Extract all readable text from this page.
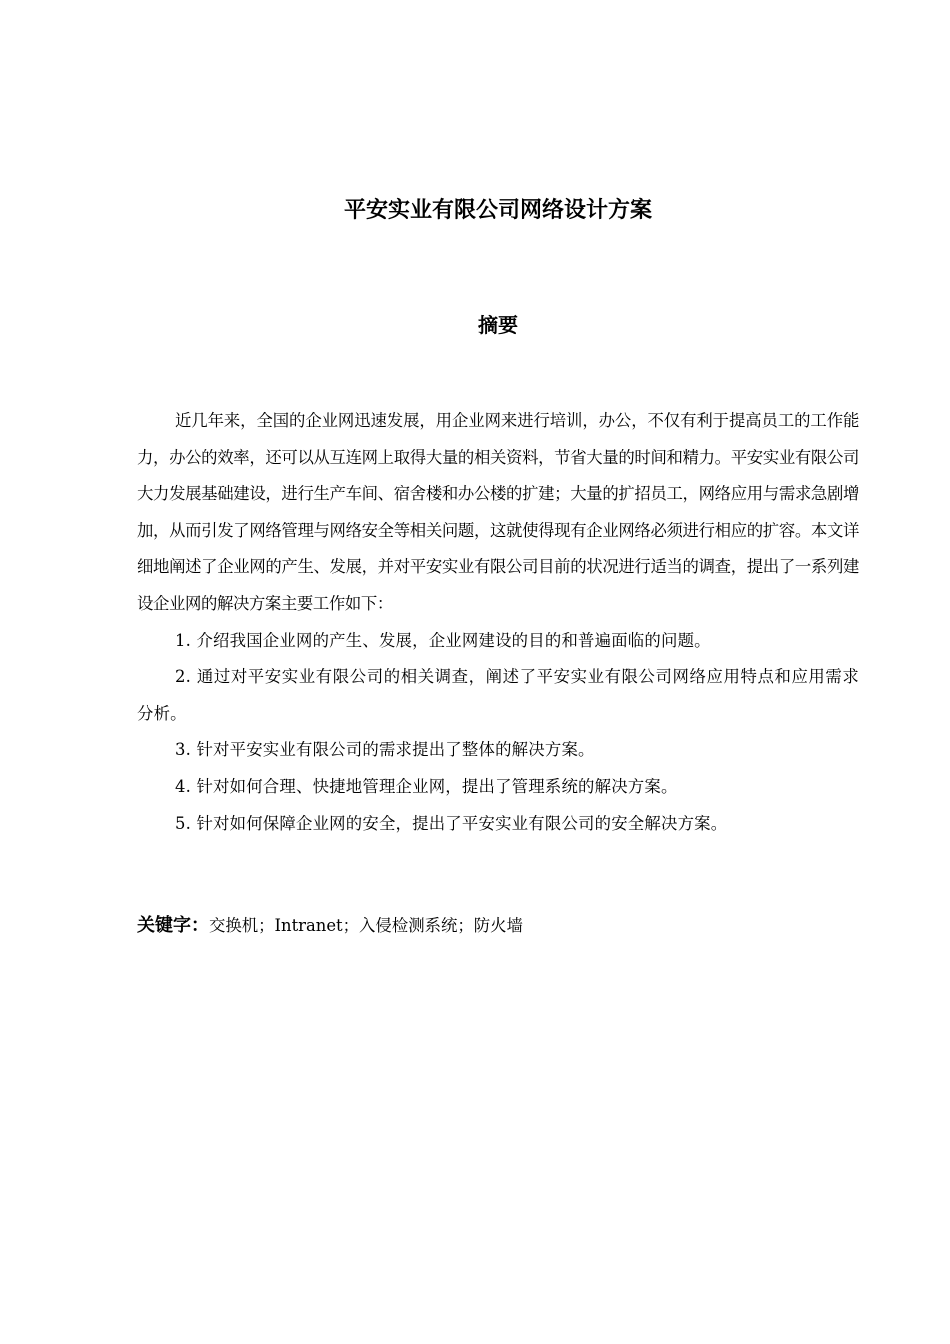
平安实业有限公司网络设计方案
摘要

近几年来，全国的企业网迅速发展，用企业网来进行培训，办公，不仅有利于提高员工的工作能力，办公的效率，还可以从互连网上取得大量的相关资料，节省大量的时间和精力。平安实业有限公司大力发展基础建设，进行生产车间、宿舍楼和办公楼的扩建；大量的扩招员工，网络应用与需求急剧增加，从而引发了网络管理与网络安全等相关问题，这就使得现有企业网络必须进行相应的扩容。本文详细地阐述了企业网的产生、发展，并对平安实业有限公司目前的状况进行适当的调查，提出了一系列建设企业网的解决方案主要工作如下：

1. 介绍我国企业网的产生、发展，企业网建设的目的和普遍面临的问题。

2. 通过对平安实业有限公司的相关调查，阐述了平安实业有限公司网络应用特点和应用需求分析。

3. 针对平安实业有限公司的需求提出了整体的解决方案。

4. 针对如何合理、快捷地管理企业网，提出了管理系统的解决方案。

5. 针对如何保障企业网的安全，提出了平安实业有限公司的安全解决方案。

关键字：交换机；Intranet；入侵检测系统；防火墙
